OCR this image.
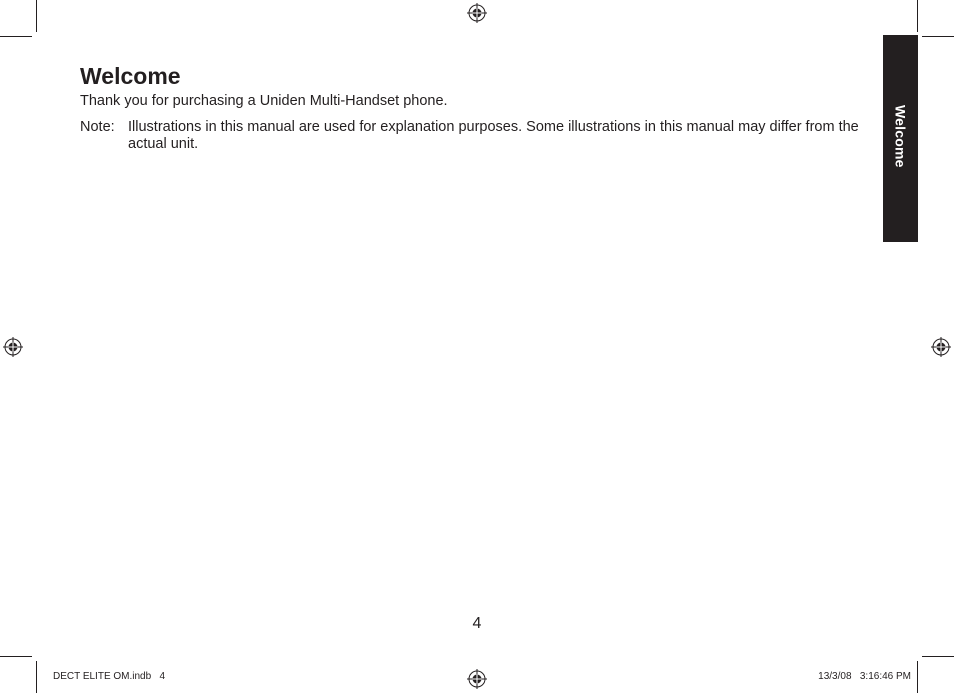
Welcome
Welcome

Thank you for purchasing a Uniden Multi-Handset phone.

Note: Illustrations in this manual are used for explanation purposes. Some illustrations in this manual may differ from the actual unit.
4
DECT ELITE OM.indb   4	13/3/08   3:16:46 PM
